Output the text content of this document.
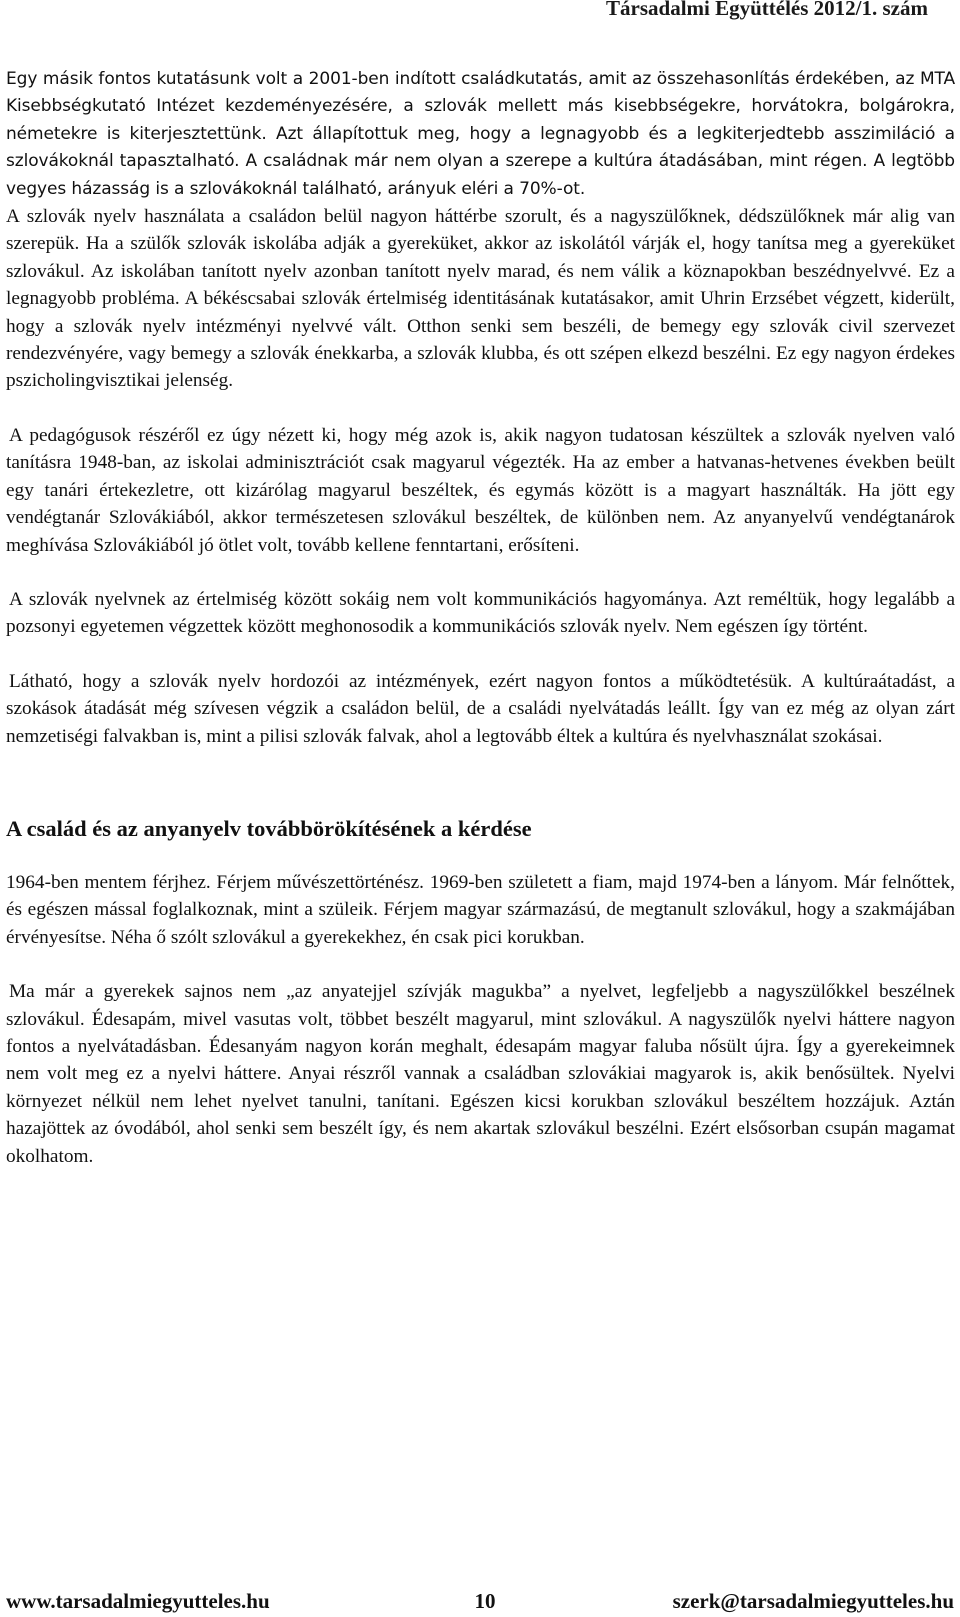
Társadalmi Együttélés 2012/1. szám

Egy másik fontos kutatásunk volt a 2001-ben indított családkutatás, amit az összehasonlítás érdekében, az MTA Kisebbségkutató Intézet kezdeményezésére, a szlovák mellett más kisebbségekre, horvátokra, bolgárokra, németekre is kiterjesztettünk. Azt állapítottuk meg, hogy a legnagyobb és a legkiterjedtebb asszimiláció a szlovákoknál tapasztalható. A családnak már nem olyan a szerepe a kultúra átadásában, mint régen. A legtöbb vegyes házasság is a szlovákoknál található, arányuk eléri a 70%-ot.

A szlovák nyelv használata a családon belül nagyon háttérbe szorult, és a nagyszülőknek, dédszülőknek már alig van szerepük. Ha a szülők szlovák iskolába adják a gyereküket, akkor az iskolától várják el, hogy tanítsa meg a gyereküket szlovákul. Az iskolában tanított nyelv azonban tanított nyelv marad, és nem válik a köznapokban beszédnyelvvé. Ez a legnagyobb probléma. A békéscsabai szlovák értelmiség identitásának kutatásakor, amit Uhrin Erzsébet végzett, kiderült, hogy a szlovák nyelv intézményi nyelvvé vált. Otthon senki sem beszéli, de bemegy egy szlovák civil szervezet rendezvényére, vagy bemegy a szlovák énekkarba, a szlovák klubba, és ott szépen elkezd beszélni. Ez egy nagyon érdekes pszicholingvisztikai jelenség.

A pedagógusok részéről ez úgy nézett ki, hogy még azok is, akik nagyon tudatosan készültek a szlovák nyelven való tanításra 1948-ban, az iskolai adminisztrációt csak magyarul végezték. Ha az ember a hatvanas-hetvenes években beült egy tanári értekezletre, ott kizárólag magyarul beszéltek, és egymás között is a magyart használták. Ha jött egy vendégtanár Szlovákiából, akkor természetesen szlovákul beszéltek, de különben nem. Az anyanyelvű vendégtanárok meghívása Szlovákiából jó ötlet volt, tovább kellene fenntartani, erősíteni.

A szlovák nyelvnek az értelmiség között sokáig nem volt kommunikációs hagyománya. Azt reméltük, hogy legalább a pozsonyi egyetemen végzettek között meghonosodik a kommunikációs szlovák nyelv. Nem egészen így történt.

Látható, hogy a szlovák nyelv hordozói az intézmények, ezért nagyon fontos a működtetésük. A kultúraátadást, a szokások átadását még szívesen végzik a családon belül, de a családi nyelvátadás leállt. Így van ez még az olyan zárt nemzetiségi falvakban is, mint a pilisi szlovák falvak, ahol a legtovább éltek a kultúra és nyelvhasználat szokásai.

A család és az anyanyelv továbbörökítésének a kérdése

1964-ben mentem férjhez. Férjem művészettörténész. 1969-ben született a fiam, majd 1974-ben a lányom. Már felnőttek, és egészen mással foglalkoznak, mint a szüleik. Férjem magyar származású, de megtanult szlovákul, hogy a szakmájában érvényesítse. Néha ő szólt szlovákul a gyerekekhez, én csak pici korukban.

Ma már a gyerekek sajnos nem „az anyatejjel szívják magukba” a nyelvet, legfeljebb a nagyszülőkkel beszélnek szlovákul. Édesapám, mivel vasutas volt, többet beszélt magyarul, mint szlovákul. A nagyszülők nyelvi háttere nagyon fontos a nyelvátadásban. Édesanyám nagyon korán meghalt, édesapám magyar faluba nősült újra. Így a gyerekeimnek nem volt meg ez a nyelvi háttere. Anyai részről vannak a családban szlovákiai magyarok is, akik benősültek. Nyelvi környezet nélkül nem lehet nyelvet tanulni, tanítani. Egészen kicsi korukban szlovákul beszéltem hozzájuk. Aztán hazajöttek az óvodából, ahol senki sem beszélt így, és nem akartak szlovákul beszélni. Ezért elsősorban csupán magamat okolhatom.

www.tarsadalmiegyutteles.hu	10	szerk@tarsadalmiegyutteles.hu
